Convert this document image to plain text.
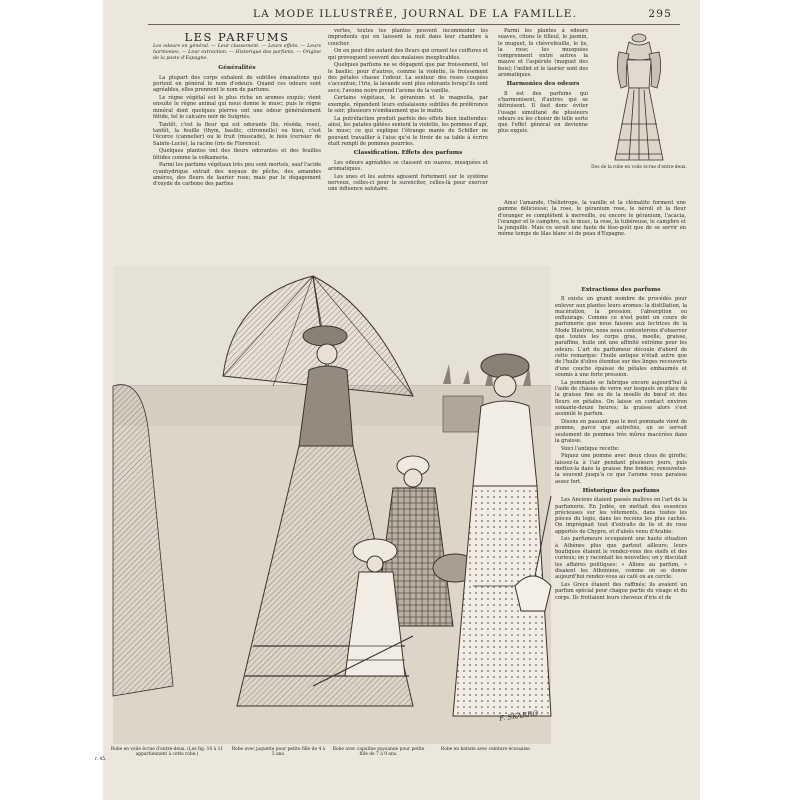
LA MODE ILLUSTRÉE, JOURNAL DE LA FAMILLE.	295
LES PARFUMS
Les odeurs en général. — Leur classement. — Leurs effets. — Leurs harmonies. — Leur extraction. — Historique des parfums. — Origine de la poste d'Espagne.
Généralités

La plupart des corps exhalent de subtiles émanations qui portent en général le nom d'odeurs. Quand ces odeurs sont agréables, elles prennent le nom de parfums.

Le règne végétal est le plus riche en aromes exquis; vient ensuite le règne animal qui nous donne le musc; puis le règne minéral dont quelques pierres ont une odeur généralement fétide, tel le calcaire noir de Suigriés.

Tantôt, c'est la fleur qui est odorante (lis, réséda, rose), tantôt, la feuille (thym, basilic, citronnelle) ou bien, c'est l'écorce (cannelier) ou le fruit (muscade), le bois (cerisier de Sainte-Lucie), la racine (iris de Florence).

Quelques plantes ont des fleurs odorantes et des feuilles fétides comme la volkameria.

Parmi les parfums végétaux très peu sont mortels, sauf l'acide cyanhydrique extrait des noyaux de pêche, des amandes amères, des fleurs de laurier rose; mais par le dégagement d'oxyde de carbone des parties

vertes, toutes les plantes peuvent incommoder les imprudents qui en laissent la nuit dans leur chambre à coucher.

On en peut dire autant des fleurs qui ornent les coiffures et qui provoquent souvent des malaises inexplicables.

Quelques parfums ne se dégagent que par froissement, tel le basilic; pour d'autres, comme la violette, le froissement des pétales chasse l'odeur. La senteur des roses coupées s'accentue; l'iris, la lavande sont plus odorants lorsqu'ils sont secs; l'avoine noire prend l'arome de la vanille.

Certains végétaux, le géranium et le magnolia, par exemple, répandent leurs exhalaisons subtiles de préférence le soir; plusieurs n'embaument que le matin.

La putréfaction produit parfois des effets bien inattendus: ainsi, les patates gâtées sentent la violette, les pommes d'api, le musc; ce qui explique l'étrange manie de Schiller ne pouvant travailler à l'aise qu'si le tiroir de sa table à écrire était rempli de pommes pourries.

Classification. Effets des parfums

Les odeurs agréables se classent en suaves, musquées et aromatiques.

Les unes et les autres agissent fortement sur le système nerveux, celles-ci pour le surexciter, celles-là pour exercer une influence salutaire.

Parmi les plantes à odeurs suaves, citons le tilleul, le jasmin, le muguet, le chèvrefeuille, le lis, la rose; les musquées comprennent entre autres la mauve et l'aspérule (muguet des bois); l'œillet et le laurier sont des aromatiques.

Harmonies des odeurs

Il est des parfums qui s'harmonisent, d'autres qui se détruisent. Il faut donc éviter l'usage simultané de plusieurs odeurs ou les choisir de telle sorte que l'effet général en devienne plus exquis.

Ainsi l'amande, l'héliotrope, la vanille et la clématite forment une gamme délicieuse; la rose, le géranium rose, le néroli et la fleur d'oranger se complètent à merveille, ou encore le géranium, l'acacia, l'oranger et le camphre, ou le musc, la rose, la tubéreuse, le camphre et la jonquille. Mais ce serait une faute de lèse-goût que de se servir en même temps de lilas blanc et de peau d'Espagne.

Extractions des parfums

Il existe un grand nombre de procédés pour enlever aux plantes leurs aromes: la distillation, la macération, la pression, l'absorption ou enfleurage. Comme ce n'est point un cours de parfumerie que nous faisons aux lectrices de la Mode Illustrée, nous nous contenterons d'observer que toutes les corps gras, moelle, graisse, paraffine, huile ont une affinité extrême pour les odeurs. L'art du parfumeur découle d'abord de cette remarque: l'huile antique n'était autre que de l'huile d'olive étendue sur des linges recouverts d'une couche épaisse de pétales embaumés et soumis à une forte pression.

La pommade se fabrique encore aujourd'hui à l'aide de châssis de verre sur lesquels on place de la graisse fine ou de la moelle de bœuf et des fleurs en pétales. On laisse en contact environ soixante-douze heures; la graisse alors s'est assimilé le parfum.

Disons en passant que le mot pommade vient de pomme, parce que autrefois, on se servait seulement de pommes très mûres macérées dans la graisse.

Voici l'antique recette:

Piquez une pomme avec deux clous de girofle; laissez-la à l'air pendant plusieurs jours, puis mettez-la dans la graisse fine fondue; renouvelez-la souvent jusqu'à ce que l'arome vous paraisse assez fort.

Historique des parfums

Les Anciens étaient passés maîtres en l'art de la parfumerie. En Judée, on mettait des essences précieuses sur les vêtements, dans toutes les pièces du logis, dans les recoins les plus cachés. On imprégnait tout d'extraits de lis et de rose apportés de Chypre, et d'aloès venu d'Arabie.

Les parfumeurs occupaient une haute situation à Athènes plus que partout ailleurs; leurs boutiques étaient le rendez-vous des oisifs et des curieux; on y racontait les nouvelles; on y discutait les affaires politiques: « Allons au parfum, » disaient les Athéniens, comme on se donne aujourd'hui rendez-vous au café ou au cercle.

Les Grecs étaient des raffinés; ils avaient un parfum spécial pour chaque partie du visage et du corps. Ils frottaient leurs cheveux d'iris et de

Dos de la robe en voile écrue d'entre-deux.
F. SKARBO
r. 45.
Robe en voile écrue d'entre-deux. (Les fig. 10 à 11 appartiennent à cette robe.)
Robe avec jaquette pour petite fille de 4 à 5 ans.
Robe avec capuline paysanne pour petite fille de 7 à 9 ans.
Robe en batiste avec ceinture écossaise.
